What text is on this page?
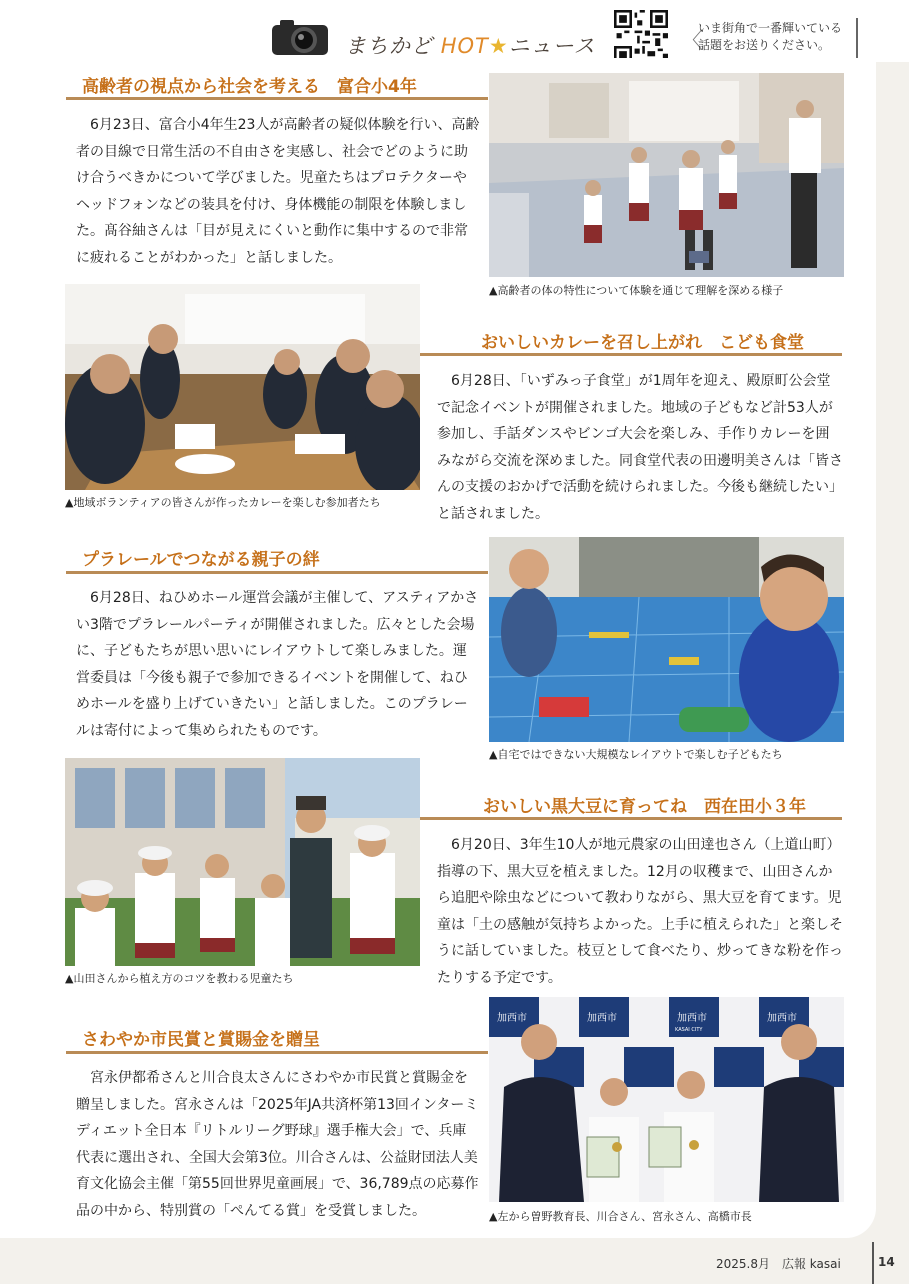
まちかど HOT★ニュース	〈
いま街角で一番輝いている話題をお送りください。
高齢者の視点から社会を考える　富合小4年
6月23日、富合小4年生23人が高齢者の疑似体験を行い、高齢者の目線で日常生活の不自由さを実感し、社会でどのように助け合うべきかについて学びました。児童たちはプロテクターやヘッドフォンなどの装具を付け、身体機能の制限を体験しました。髙谷紬さんは「目が見えにくいと動作に集中するので非常に疲れることがわかった」と話しました。
▲高齢者の体の特性について体験を通じて理解を深める様子
▲地域ボランティアの皆さんが作ったカレーを楽しむ参加者たち
おいしいカレーを召し上がれ　こども食堂
6月28日、「いずみっ子食堂」が1周年を迎え、殿原町公会堂で記念イベントが開催されました。地域の子どもなど計53人が参加し、手話ダンスやビンゴ大会を楽しみ、手作りカレーを囲みながら交流を深めました。同食堂代表の田邊明美さんは「皆さんの支援のおかげで活動を続けられました。今後も継続したい」と話されました。
プラレールでつながる親子の絆
6月28日、ねひめホール運営会議が主催して、アスティアかさい3階でプラレールパーティが開催されました。広々とした会場に、子どもたちが思い思いにレイアウトして楽しみました。運営委員は「今後も親子で参加できるイベントを開催して、ねひめホールを盛り上げていきたい」と話しました。このプラレールは寄付によって集められたものです。
▲自宅ではできない大規模なレイアウトで楽しむ子どもたち
▲山田さんから植え方のコツを教わる児童たち
おいしい黒大豆に育ってね　西在田小３年
6月20日、3年生10人が地元農家の山田達也さん（上道山町）指導の下、黒大豆を植えました。12月の収穫まで、山田さんから追肥や除虫などについて教わりながら、黒大豆を育てます。児童は「土の感触が気持ちよかった。上手に植えられた」と楽しそうに話していました。枝豆として食べたり、炒ってきな粉を作ったりする予定です。
さわやか市民賞と賞賜金を贈呈
宮永伊都希さんと川合良太さんにさわやか市民賞と賞賜金を贈呈しました。宮永さんは「2025年JA共済杯第13回インターミディエット全日本『リトルリーグ野球』選手権大会」で、兵庫代表に選出され、全国大会第3位。川合さんは、公益財団法人美育文化協会主催「第55回世界児童画展」で、36,789点の応募作品の中から、特別賞の「ぺんてる賞」を受賞しました。
加西市	加西市	加西市	加西市
KASAI CITY
▲左から曽野教育長、川合さん、宮永さん、高橋市長
2025.8月　広報 kasai	14
